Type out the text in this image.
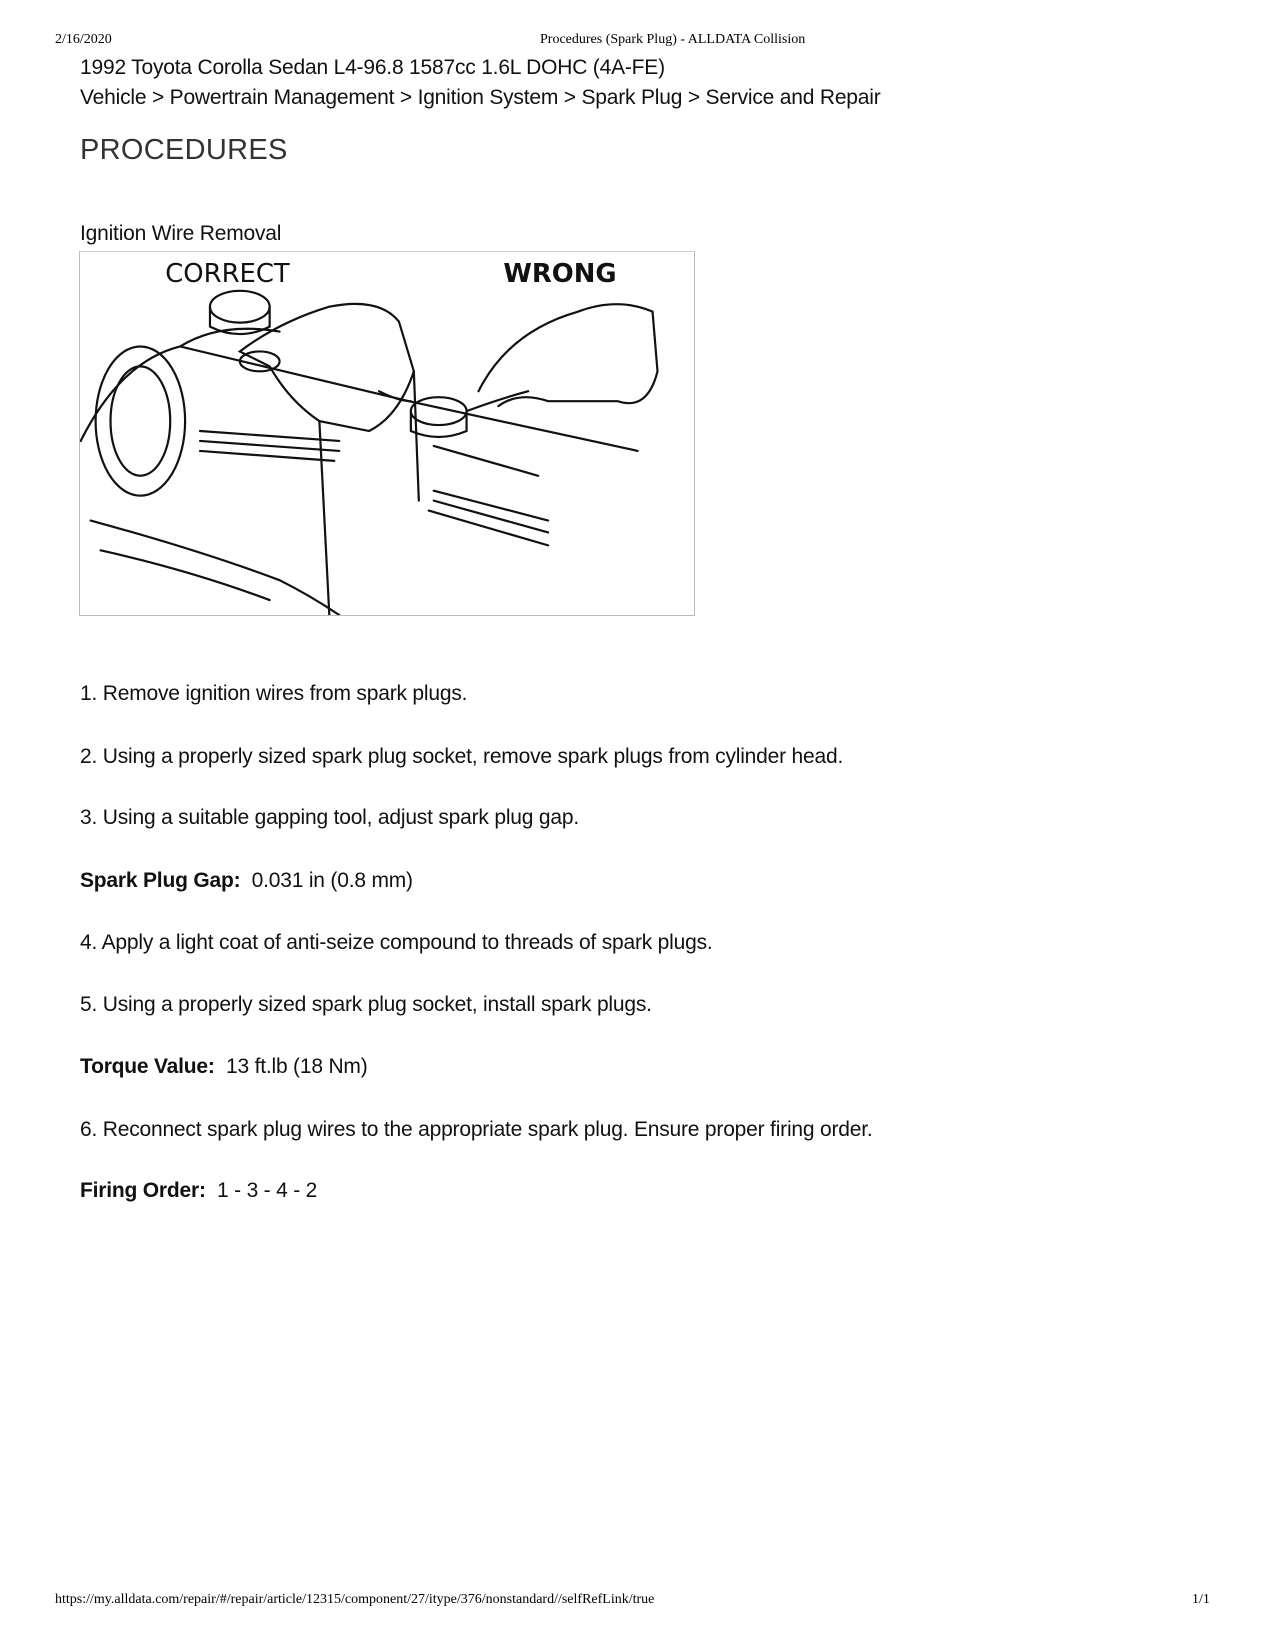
2/16/2020	Procedures (Spark Plug) - ALLDATA Collision
1992 Toyota Corolla Sedan L4-96.8 1587cc 1.6L DOHC (4A-FE)
Vehicle > Powertrain Management > Ignition System > Spark Plug > Service and Repair
PROCEDURES
Ignition Wire Removal
CORRECT	WRONG
1. Remove ignition wires from spark plugs.
2. Using a properly sized spark plug socket, remove spark plugs from cylinder head.
3. Using a suitable gapping tool, adjust spark plug gap.
Spark Plug Gap: 0.031 in (0.8 mm)
4. Apply a light coat of anti-seize compound to threads of spark plugs.
5. Using a properly sized spark plug socket, install spark plugs.
Torque Value: 13 ft.lb (18 Nm)
6. Reconnect spark plug wires to the appropriate spark plug. Ensure proper firing order.
Firing Order: 1 - 3 - 4 - 2
https://my.alldata.com/repair/#/repair/article/12315/component/27/itype/376/nonstandard//selfRefLink/true	1/1
